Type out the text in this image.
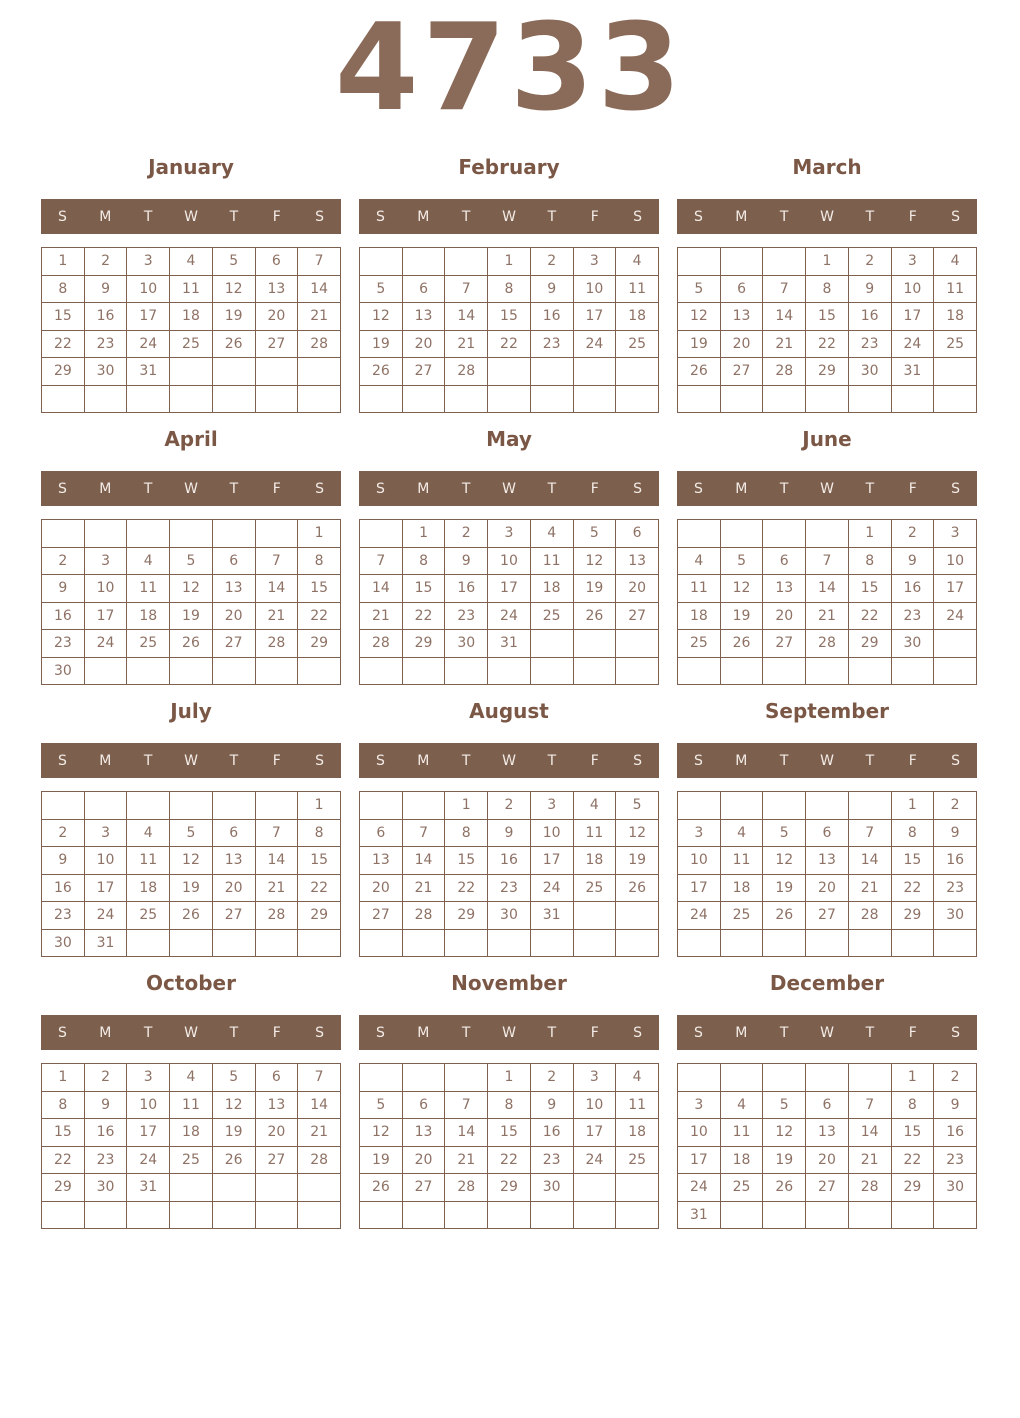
4733
January
S	M	T	W	T	F	S
1	2	3	4	5	6	7
8	9	10	11	12	13	14
15	16	17	18	19	20	21
22	23	24	25	26	27	28
29	30	31				

February
S	M	T	W	T	F	S
			1	2	3	4
5	6	7	8	9	10	11
12	13	14	15	16	17	18
19	20	21	22	23	24	25
26	27	28				

March
S	M	T	W	T	F	S
			1	2	3	4
5	6	7	8	9	10	11
12	13	14	15	16	17	18
19	20	21	22	23	24	25
26	27	28	29	30	31	

April
S	M	T	W	T	F	S
						1
2	3	4	5	6	7	8
9	10	11	12	13	14	15
16	17	18	19	20	21	22
23	24	25	26	27	28	29
30						
May
S	M	T	W	T	F	S
	1	2	3	4	5	6
7	8	9	10	11	12	13
14	15	16	17	18	19	20
21	22	23	24	25	26	27
28	29	30	31			

June
S	M	T	W	T	F	S
				1	2	3
4	5	6	7	8	9	10
11	12	13	14	15	16	17
18	19	20	21	22	23	24
25	26	27	28	29	30	

July
S	M	T	W	T	F	S
						1
2	3	4	5	6	7	8
9	10	11	12	13	14	15
16	17	18	19	20	21	22
23	24	25	26	27	28	29
30	31					
August
S	M	T	W	T	F	S
		1	2	3	4	5
6	7	8	9	10	11	12
13	14	15	16	17	18	19
20	21	22	23	24	25	26
27	28	29	30	31		

September
S	M	T	W	T	F	S
					1	2
3	4	5	6	7	8	9
10	11	12	13	14	15	16
17	18	19	20	21	22	23
24	25	26	27	28	29	30

October
S	M	T	W	T	F	S
1	2	3	4	5	6	7
8	9	10	11	12	13	14
15	16	17	18	19	20	21
22	23	24	25	26	27	28
29	30	31				

November
S	M	T	W	T	F	S
			1	2	3	4
5	6	7	8	9	10	11
12	13	14	15	16	17	18
19	20	21	22	23	24	25
26	27	28	29	30		

December
S	M	T	W	T	F	S
					1	2
3	4	5	6	7	8	9
10	11	12	13	14	15	16
17	18	19	20	21	22	23
24	25	26	27	28	29	30
31						
